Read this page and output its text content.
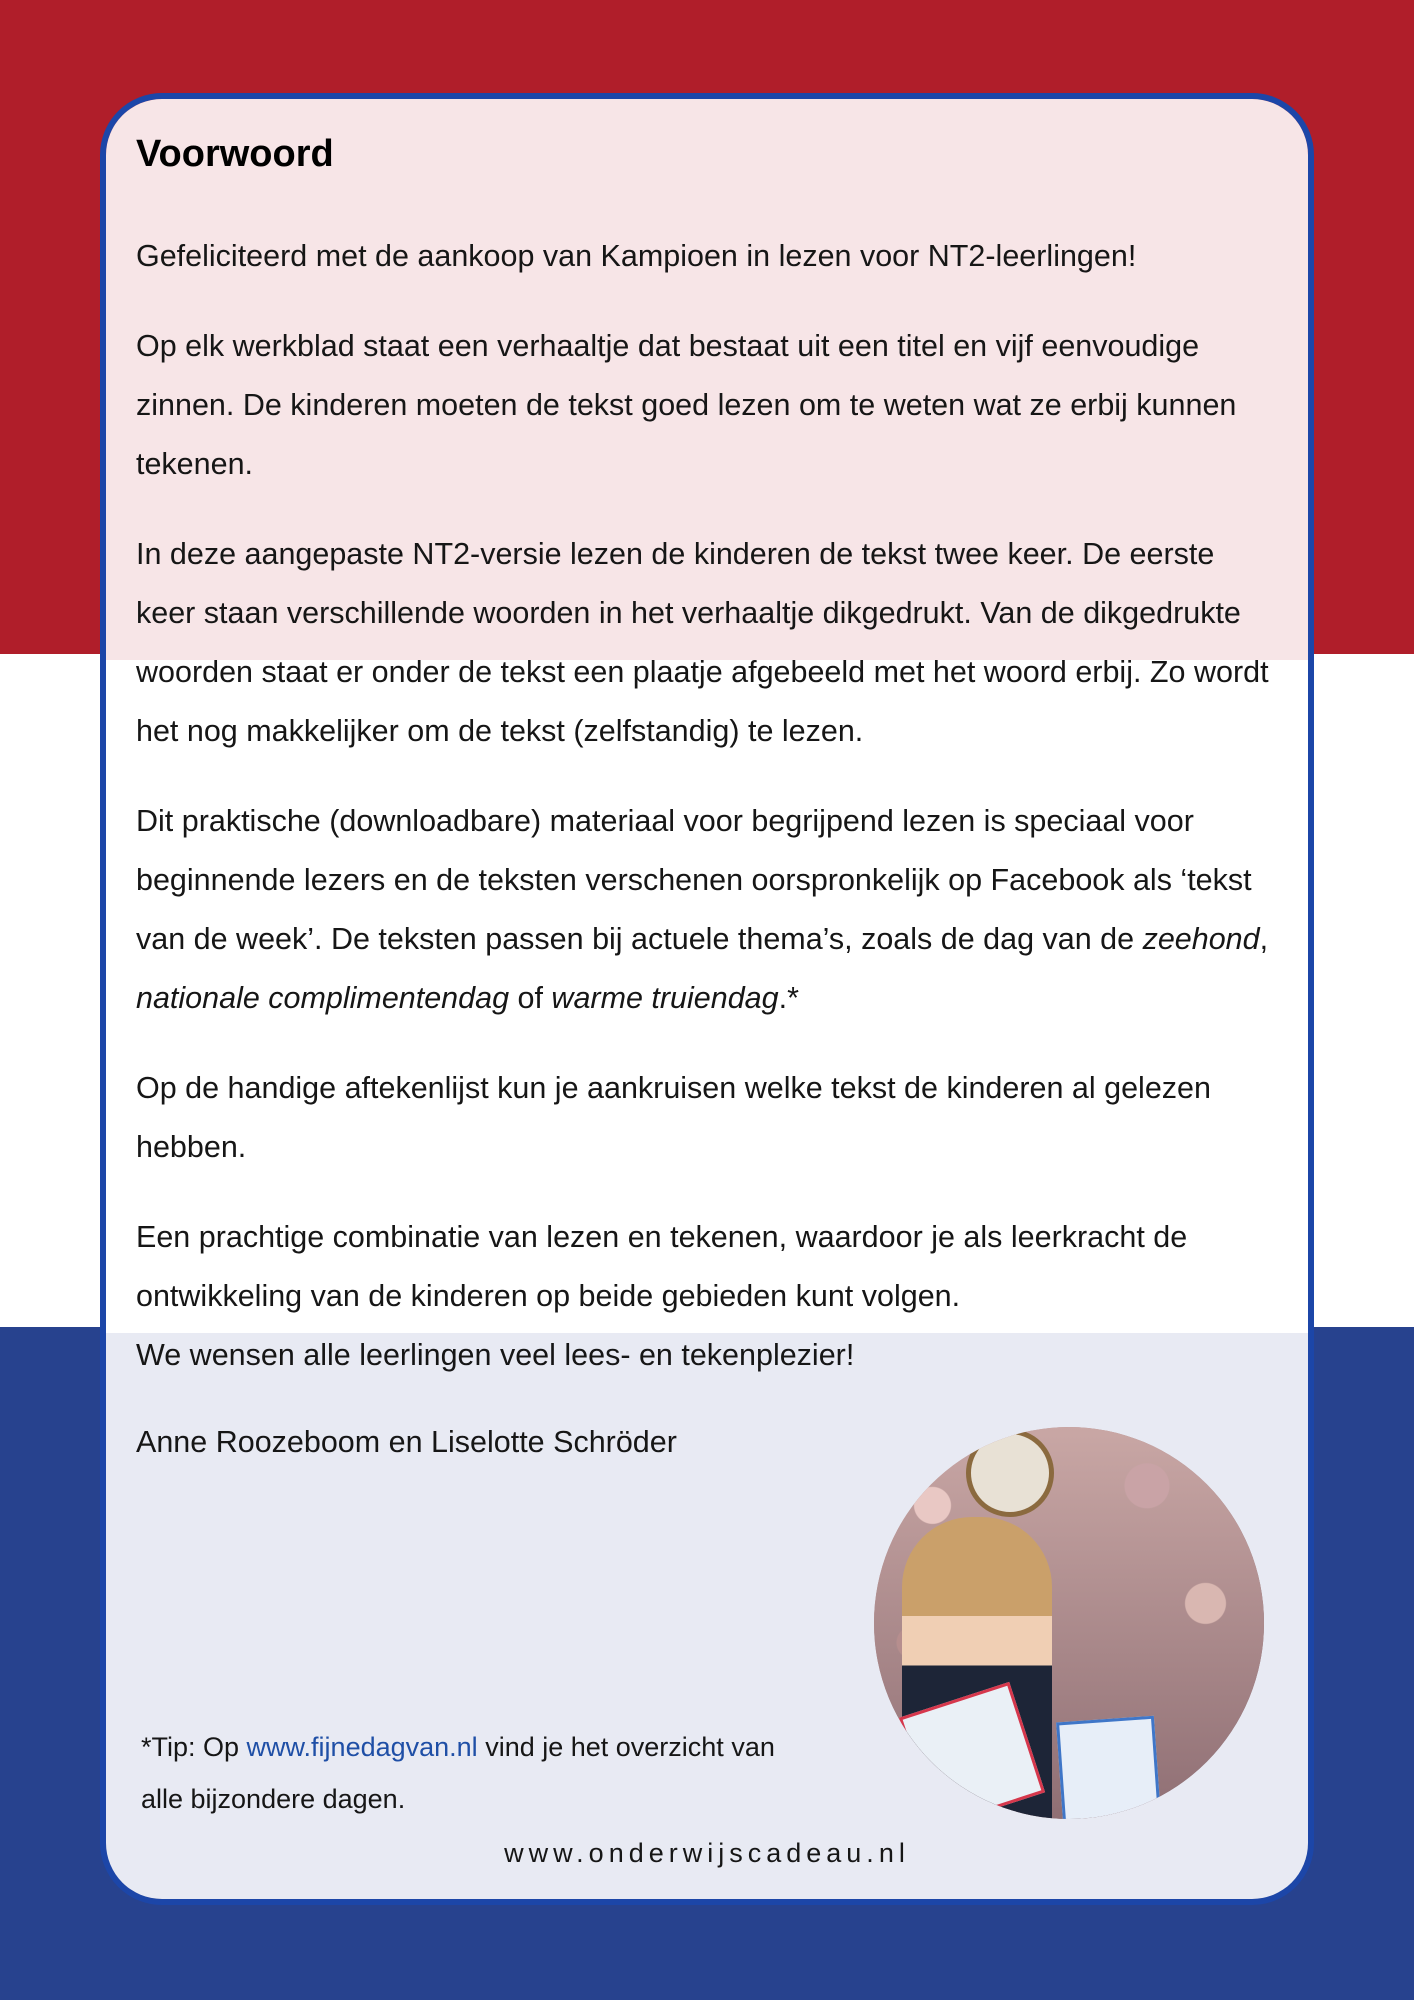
Voorwoord

Gefeliciteerd met de aankoop van Kampioen in lezen voor NT2-leerlingen!

Op elk werkblad staat een verhaaltje dat bestaat uit een titel en vijf eenvoudige zinnen. De kinderen moeten de tekst goed lezen om te weten wat ze erbij kunnen tekenen.

In deze aangepaste NT2-versie lezen de kinderen de tekst twee keer. De eerste keer staan verschillende woorden in het verhaaltje dikgedrukt. Van de dikgedrukte woorden staat er onder de tekst een plaatje afgebeeld met het woord erbij. Zo wordt het nog makkelijker om de tekst (zelfstandig) te lezen.

Dit praktische (downloadbare) materiaal voor begrijpend lezen is speciaal voor beginnende lezers en de teksten verschenen oorspronkelijk op Facebook als ‘tekst van de week’. De teksten passen bij actuele thema’s, zoals de dag van de zeehond, nationale complimentendag of warme truiendag.*

Op de handige aftekenlijst kun je aankruisen welke tekst de kinderen al gelezen hebben.

Een prachtige combinatie van lezen en tekenen, waardoor je als leerkracht de ontwikkeling van de kinderen op beide gebieden kunt volgen.

We wensen alle leerlingen veel lees- en tekenplezier!

Anne Roozeboom en Liselotte Schröder

*Tip: Op www.fijnedagvan.nl vind je het overzicht van alle bijzondere dagen.
www.onderwijscadeau.nl
